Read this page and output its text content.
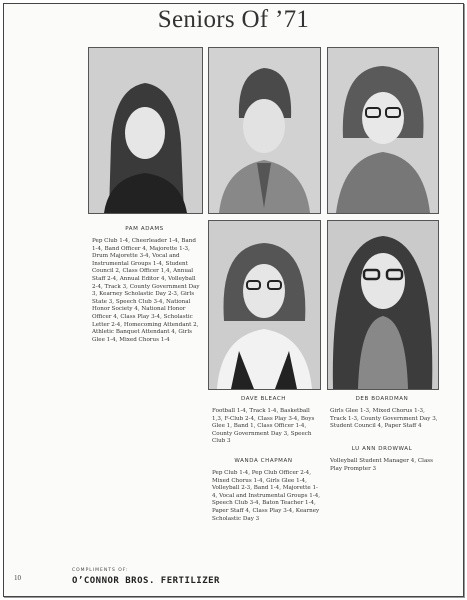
Seniors Of ’71
PAM ADAMS
Pep Club 1-4, Cheerleader 1-4, Band 1-4, Band Officer 4, Majorette 1-3, Drum Majorette 3-4, Vocal and Instrumental Groups 1-4, Student Council 2, Class Officer 1,4, Annual Staff 2-4, Annual Editor 4, Volleyball 2-4, Track 3, County Government Day 3, Kearney Scholastic Day 2-3, Girls State 3, Speech Club 3-4, National Honor Society 4, National Honor Officer 4, Class Play 3-4, Scholastic Letter 2-4, Homecoming Attendant 2, Athletic Banquet Attendant 4, Girls Glee 1-4, Mixed Chorus 1-4
DAVE BLEACH	DEB BOARDMAN
Football 1-4, Track 1-4, Basketball 1,3, F-Club 2-4, Class Play 3-4, Boys Glee 1, Band 1, Class Officer 1-4, County Government Day 3, Speech Club 3
Girls Glee 1-3, Mixed Chorus 1-3, Track 1-3, County Government Day 3, Student Council 4, Paper Staff 4
WANDA CHAPMAN
LU ANN DROWWAL
Volleyball Student Manager 4, Class Play Prompter 3
Pep Club 1-4, Pep Club Officer 2-4, Mixed Chorus 1-4, Girls Glee 1-4, Volleyball 2-3, Band 1-4, Majorette 1-4, Vocal and Instrumental Groups 1-4, Speech Club 3-4, Baton Teacher 1-4, Paper Staff 4, Class Play 3-4, Kearney Scholastic Day 3
10
COMPLIMENTS OF:
O’CONNOR BROS. FERTILIZER
